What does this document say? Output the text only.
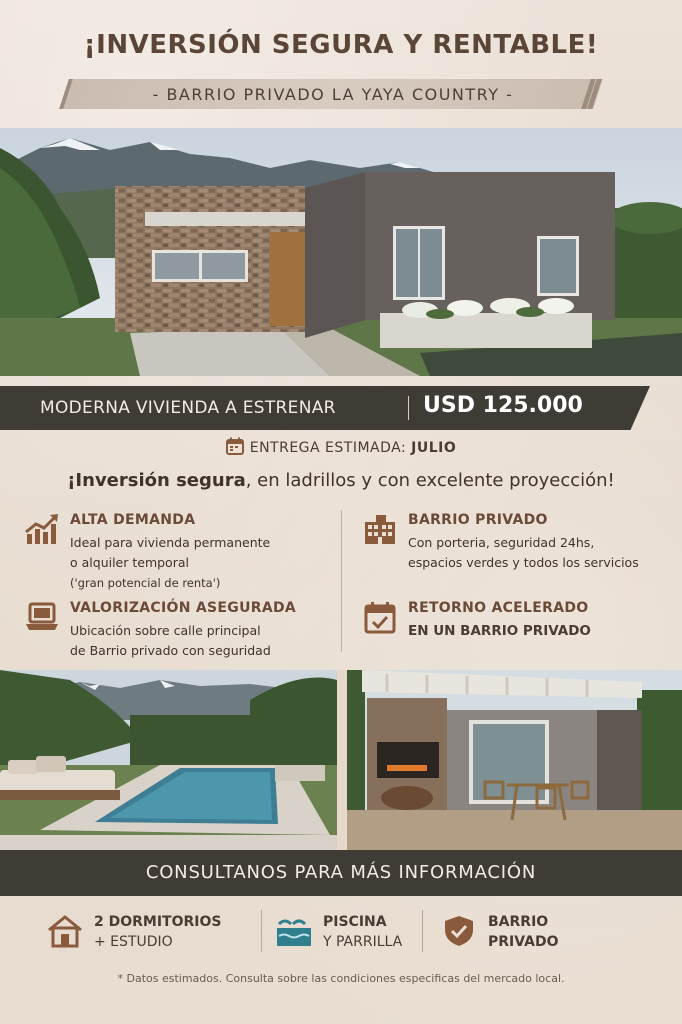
¡INVERSIÓN SEGURA Y RENTABLE!
- BARRIO PRIVADO LA YAYA COUNTRY -
MODERNA VIVIENDA A ESTRENAR	USD 125.000
ENTREGA ESTIMADA: JULIO
¡Inversión segura, en ladrillos y con excelente proyección!
ALTA DEMANDA
Ideal para vivienda permanente
o alquiler temporal
('gran potencial de renta')
BARRIO PRIVADO
Con porteria, seguridad 24hs,
espacios verdes y todos los servicios
VALORIZACIÓN ASEGURADA
Ubicación sobre calle principal
de Barrio privado con seguridad
RETORNO ACELERADO
EN UN BARRIO PRIVADO
CONSULTANOS PARA MÁS INFORMACIÓN
2 DORMITORIOS
+ ESTUDIO
PISCINA
Y PARRILLA
BARRIO
PRIVADO
* Datos estimados. Consulta sobre las condiciones especificas del mercado local.
